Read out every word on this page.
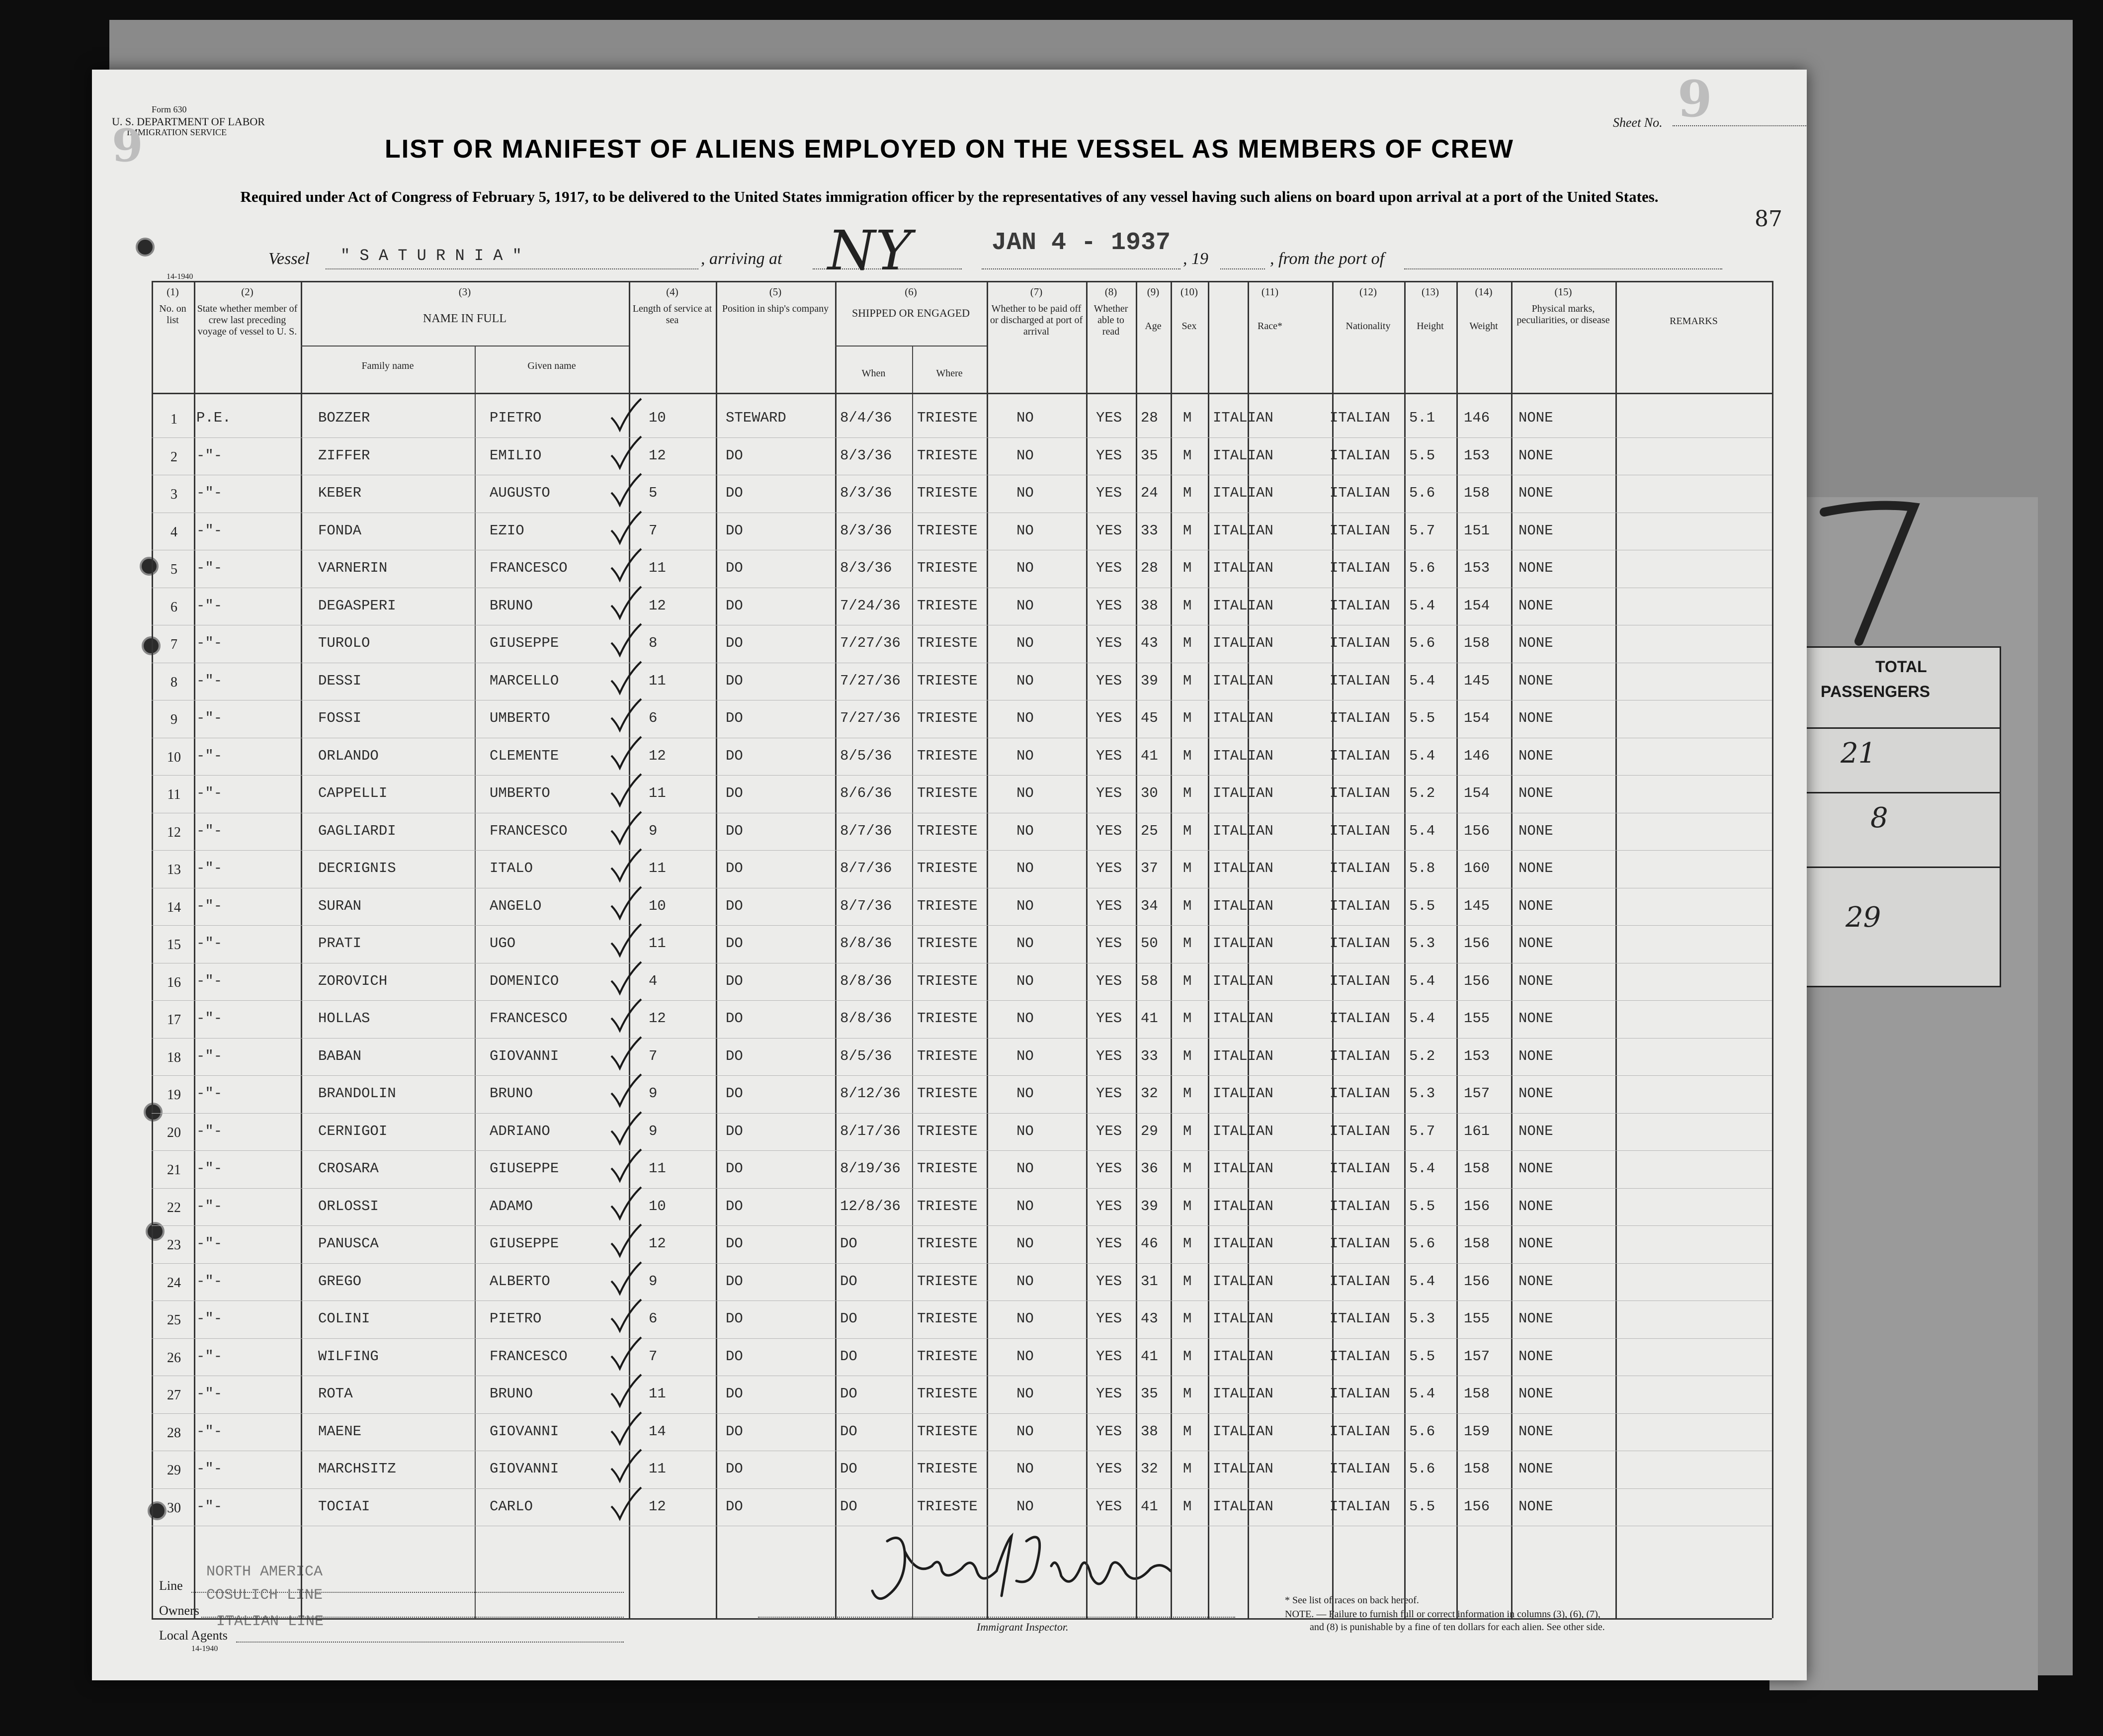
TOTAL
PASSENGERS
21
8
29
Form 630
U. S. DEPARTMENT OF LABOR
IMMIGRATION SERVICE
9	Sheet No. 9
LIST OR MANIFEST OF ALIENS EMPLOYED ON THE VESSEL AS MEMBERS OF CREW
Required under Act of Congress of February 5, 1917, to be delivered to the United States immigration officer by the representatives of any vessel having such aliens on board upon arrival at a port of the United States.
87
Vessel " S A T U R N I A "	, arriving at NY	JAN 4 - 1937
, 19	, from the port of
14-1940
Line
NORTH AMERICA
Owners
COSULICH LINE
Local Agents
ITALIAN LINE
14-1940
Immigrant Inspector.
* See list of races on back hereof.
NOTE. — Failure to furnish full or correct information in columns (3), (6), (7),
and (8) is punishable by a fine of ten dollars for each alien. See other side.
(1)
No. on list
(2)
State whether member of crew last preceding voyage of vessel to U. S.
(3)
NAME IN FULL
(4)
Length of service at sea
(5)
Position in ship's company
(6)
SHIPPED OR ENGAGED
(7)
Whether to be paid off or discharged at port of arrival
(8)
Whether able to read
(9)
Age
(10)
Sex
(11)
Race*
(12)
Nationality
(13)
Height
(14)
Weight
(15)
Physical marks, peculiarities, or disease
Family name	Given name
When	Where
REMARKS
1	P.E.	BOZZER	PIETRO	10	STEWARD	8/4/36 TRIESTE	NO	YES 28 M ITALIAN	ITALIAN 5.1 146 NONE
2	-"-	ZIFFER	EMILIO	12	DO	8/3/36 TRIESTE	NO	YES 35 M ITALIAN	ITALIAN 5.5 153 NONE
3	-"-	KEBER	AUGUSTO	5	DO	8/3/36 TRIESTE	NO	YES 24 M ITALIAN	ITALIAN 5.6 158 NONE
4	-"-	FONDA	EZIO	7	DO	8/3/36 TRIESTE	NO	YES 33 M ITALIAN	ITALIAN 5.7 151 NONE
5	-"-	VARNERIN	FRANCESCO	11	DO	8/3/36 TRIESTE	NO	YES 28 M ITALIAN	ITALIAN 5.6 153 NONE
6	-"-	DEGASPERI	BRUNO	12	DO	7/24/36 TRIESTE	NO	YES 38 M ITALIAN	ITALIAN 5.4 154 NONE
7	-"-	TUROLO	GIUSEPPE	8	DO	7/27/36 TRIESTE	NO	YES 43 M ITALIAN	ITALIAN 5.6 158 NONE
8	-"-	DESSI	MARCELLO	11	DO	7/27/36 TRIESTE	NO	YES 39 M ITALIAN	ITALIAN 5.4 145 NONE
9	-"-	FOSSI	UMBERTO	6	DO	7/27/36 TRIESTE	NO	YES 45 M ITALIAN	ITALIAN 5.5 154 NONE
10	-"-	ORLANDO	CLEMENTE	12	DO	8/5/36 TRIESTE	NO	YES 41 M ITALIAN	ITALIAN 5.4 146 NONE
11	-"-	CAPPELLI	UMBERTO	11	DO	8/6/36 TRIESTE	NO	YES 30 M ITALIAN	ITALIAN 5.2 154 NONE
12	-"-	GAGLIARDI	FRANCESCO	9	DO	8/7/36 TRIESTE	NO	YES 25 M ITALIAN	ITALIAN 5.4 156 NONE
13	-"-	DECRIGNIS	ITALO	11	DO	8/7/36 TRIESTE	NO	YES 37 M ITALIAN	ITALIAN 5.8 160 NONE
14	-"-	SURAN	ANGELO	10	DO	8/7/36 TRIESTE	NO	YES 34 M ITALIAN	ITALIAN 5.5 145 NONE
15	-"-	PRATI	UGO	11	DO	8/8/36 TRIESTE	NO	YES 50 M ITALIAN	ITALIAN 5.3 156 NONE
16	-"-	ZOROVICH	DOMENICO	4	DO	8/8/36 TRIESTE	NO	YES 58 M ITALIAN	ITALIAN 5.4 156 NONE
17	-"-	HOLLAS	FRANCESCO	12	DO	8/8/36 TRIESTE	NO	YES 41 M ITALIAN	ITALIAN 5.4 155 NONE
18	-"-	BABAN	GIOVANNI	7	DO	8/5/36 TRIESTE	NO	YES 33 M ITALIAN	ITALIAN 5.2 153 NONE
19	-"-	BRANDOLIN	BRUNO	9	DO	8/12/36 TRIESTE	NO	YES 32 M ITALIAN	ITALIAN 5.3 157 NONE
20	-"-	CERNIGOI	ADRIANO	9	DO	8/17/36 TRIESTE	NO	YES 29 M ITALIAN	ITALIAN 5.7 161 NONE
21	-"-	CROSARA	GIUSEPPE	11	DO	8/19/36 TRIESTE	NO	YES 36 M ITALIAN	ITALIAN 5.4 158 NONE
22	-"-	ORLOSSI	ADAMO	10	DO	12/8/36 TRIESTE	NO	YES 39 M ITALIAN	ITALIAN 5.5 156 NONE
23	-"-	PANUSCA	GIUSEPPE	12	DO	DO	TRIESTE	NO	YES 46 M ITALIAN	ITALIAN 5.6 158 NONE
24	-"-	GREGO	ALBERTO	9	DO	DO	TRIESTE	NO	YES 31 M ITALIAN	ITALIAN 5.4 156 NONE
25	-"-	COLINI	PIETRO	6	DO	DO	TRIESTE	NO	YES 43 M ITALIAN	ITALIAN 5.3 155 NONE
26	-"-	WILFING	FRANCESCO	7	DO	DO	TRIESTE	NO	YES 41 M ITALIAN	ITALIAN 5.5 157 NONE
27	-"-	ROTA	BRUNO	11	DO	DO	TRIESTE	NO	YES 35 M ITALIAN	ITALIAN 5.4 158 NONE
28	-"-	MAENE	GIOVANNI	14	DO	DO	TRIESTE	NO	YES 38 M ITALIAN	ITALIAN 5.6 159 NONE
29	-"-	MARCHSITZ	GIOVANNI	11	DO	DO	TRIESTE	NO	YES 32 M ITALIAN	ITALIAN 5.6 158 NONE
30	-"-	TOCIAI	CARLO	12	DO	DO	TRIESTE	NO	YES 41 M ITALIAN	ITALIAN 5.5 156 NONE
